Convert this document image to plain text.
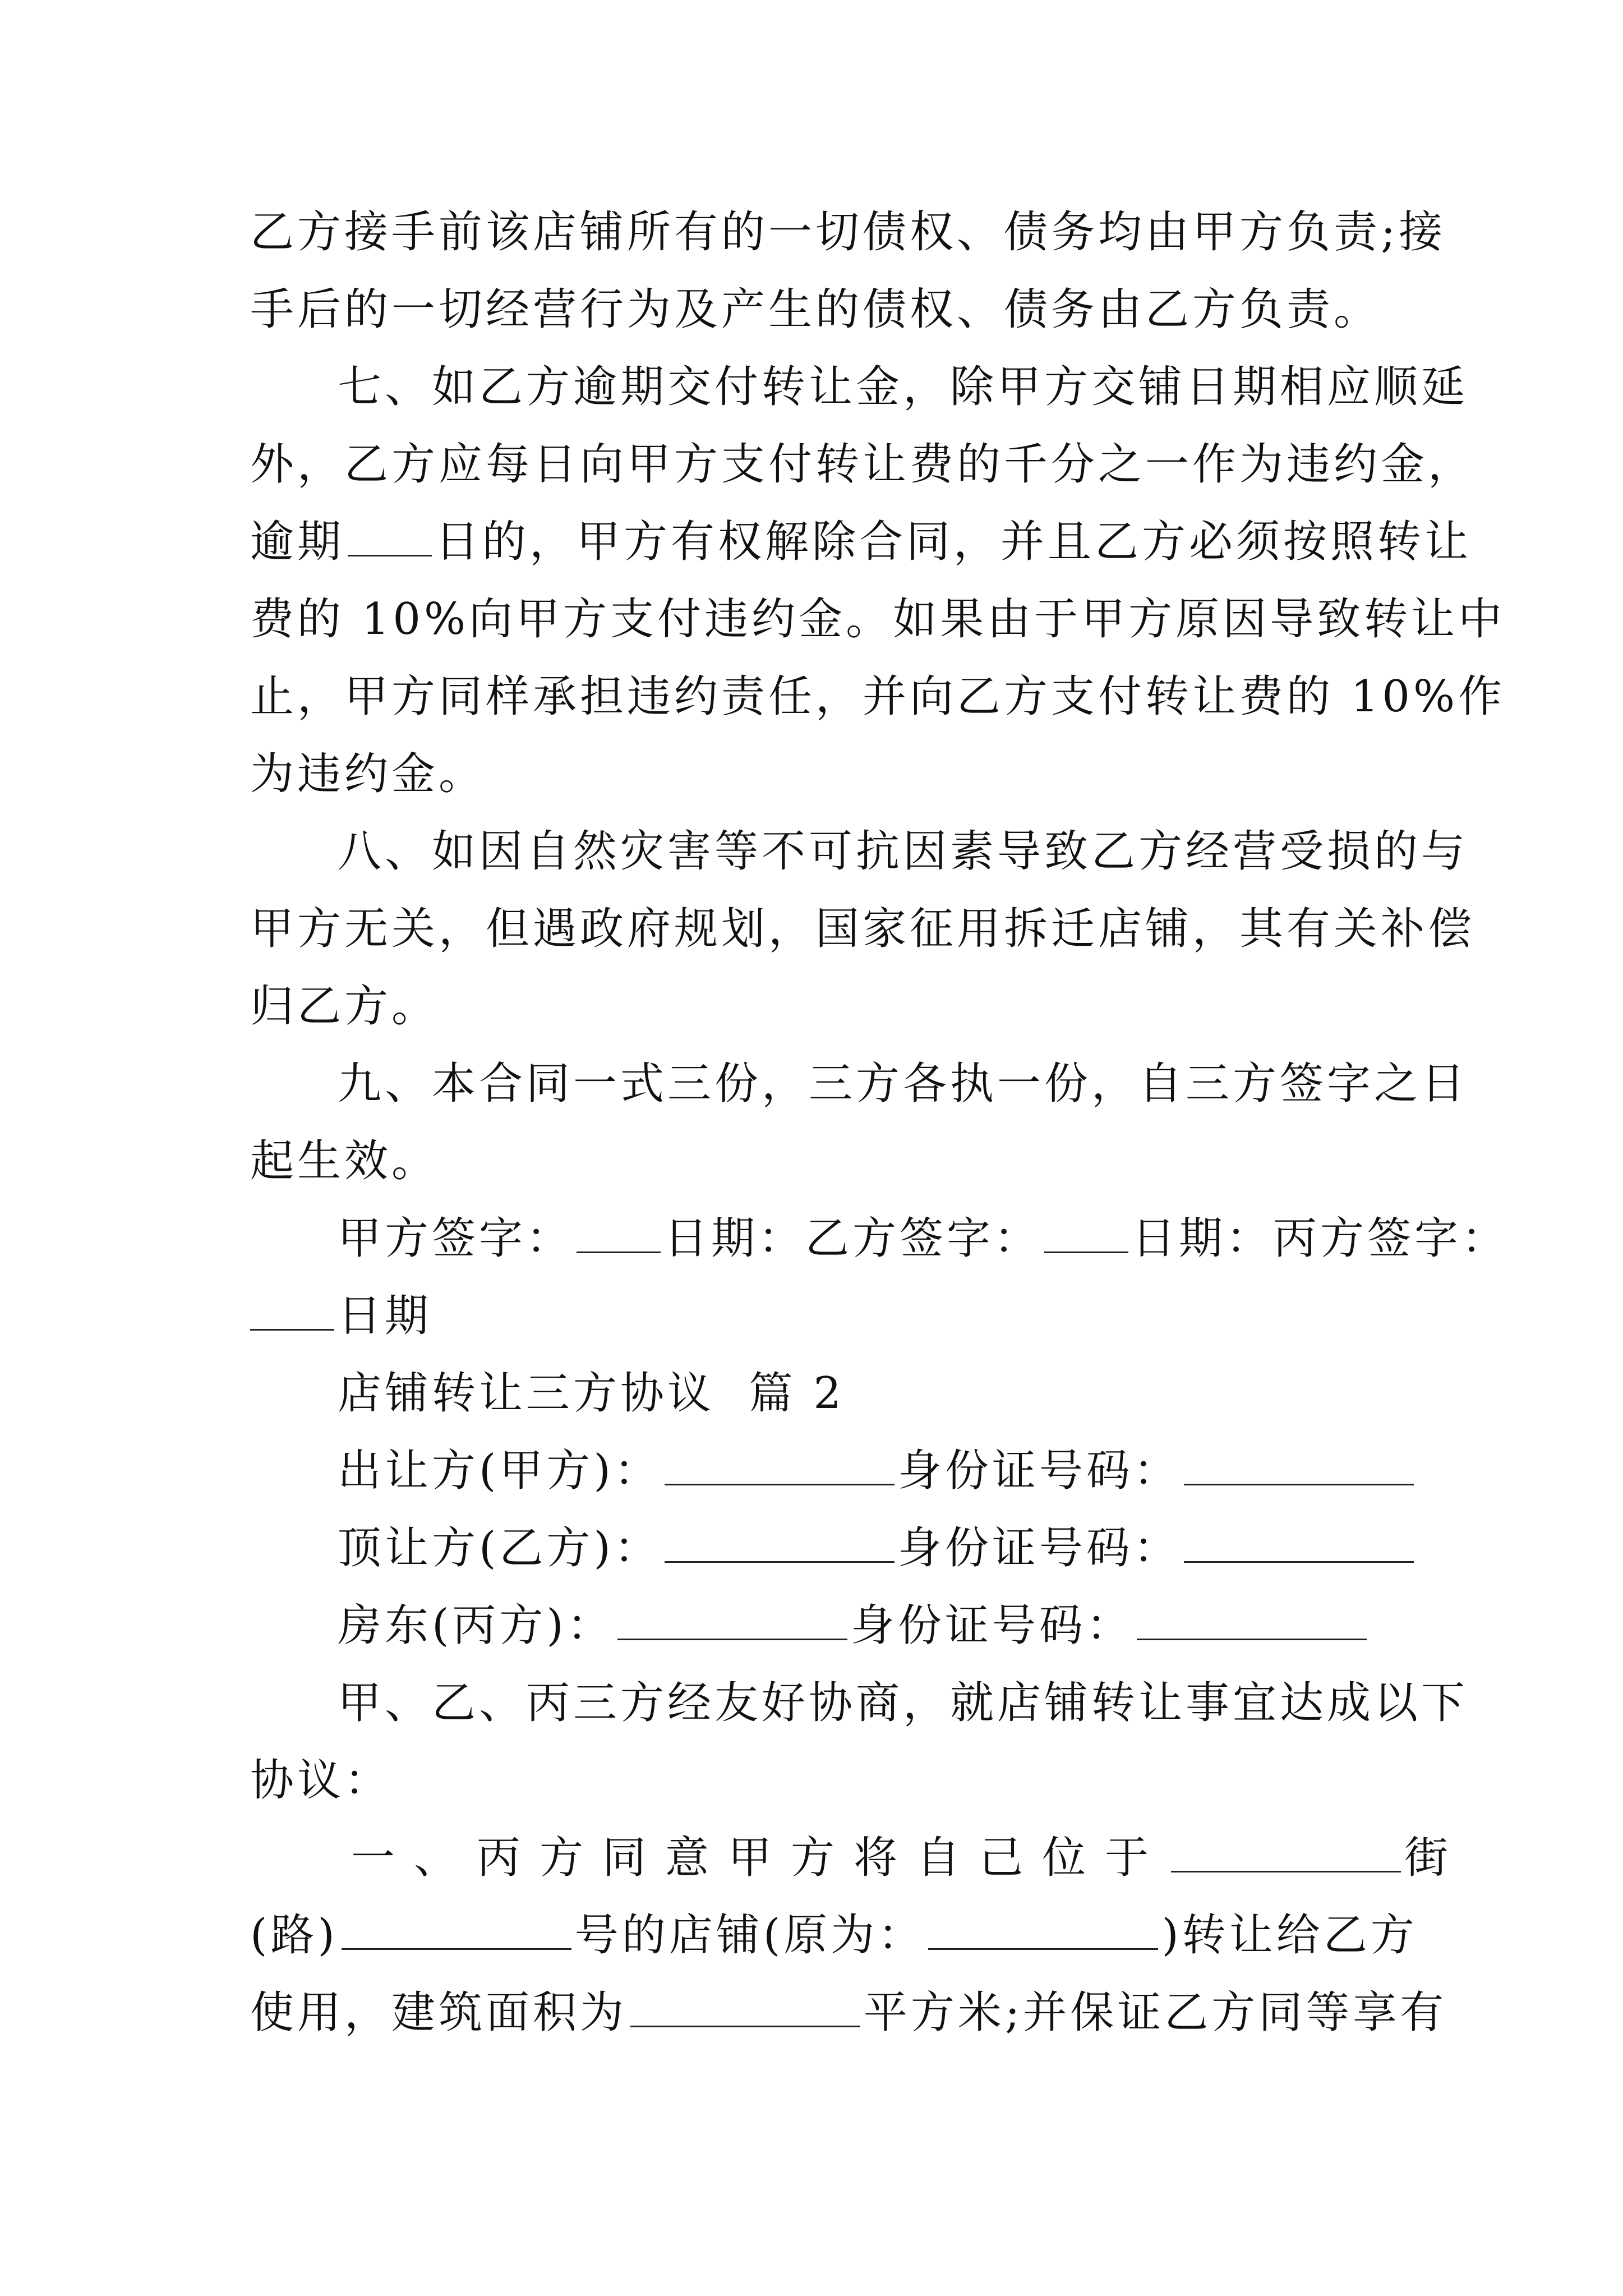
乙方接手前该店铺所有的一切债权、债务均由甲方负责;接
手后的一切经营行为及产生的债权、债务由乙方负责。
七、如乙方逾期交付转让金，除甲方交铺日期相应顺延
外，乙方应每日向甲方支付转让费的千分之一作为违约金，
逾期 日的，甲方有权解除合同，并且乙方必须按照转让
费的 10%向甲方支付违约金。如果由于甲方原因导致转让中
止，甲方同样承担违约责任，并向乙方支付转让费的 10%作
为违约金。
八、如因自然灾害等不可抗因素导致乙方经营受损的与
甲方无关，但遇政府规划，国家征用拆迁店铺，其有关补偿
归乙方。
九、本合同一式三份，三方各执一份，自三方签字之日
起生效。
甲方签字： 日期：乙方签字： 日期：丙方签字：
日期
店铺转让三方协议  篇 2
出让方(甲方)：	身份证号码：
顶让方(乙方)：	身份证号码：
房东(丙方)：	身份证号码：
甲、乙、丙三方经友好协商，就店铺转让事宜达成以下
协议：
一、丙方同意甲方将自己位于	街
(路)	号的店铺(原为：	)转让给乙方
使用，建筑面积为	平方米;并保证乙方同等享有
